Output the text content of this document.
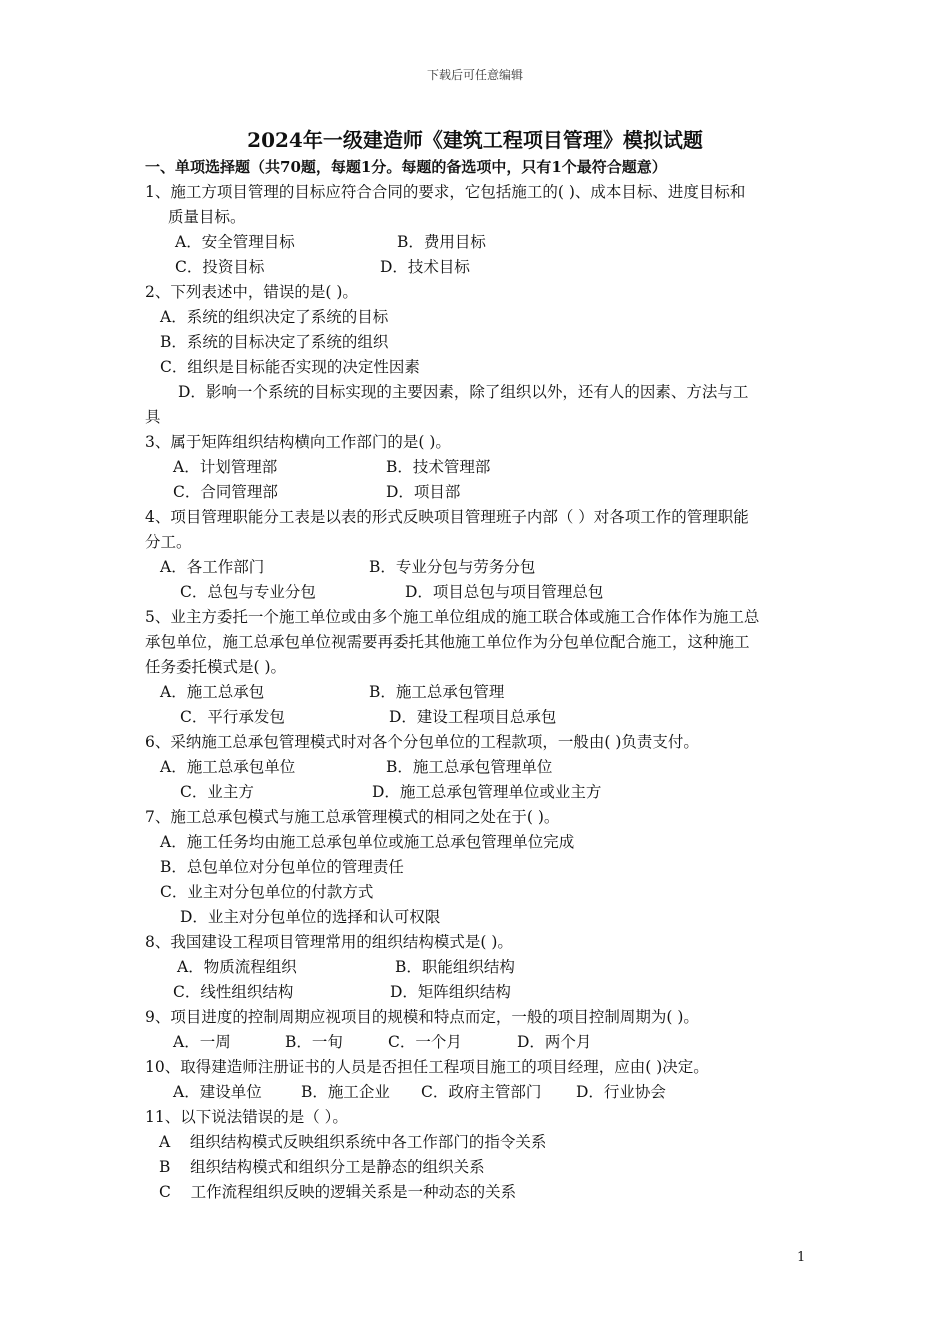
下载后可任意编辑
2024年一级建造师《建筑工程项目管理》模拟试题
一、单项选择题（共70题，每题1分。每题的备选项中，只有1个最符合题意）
1、施工方项目管理的目标应符合合同的要求，它包括施工的( )、成本目标、进度目标和
质量目标。
A．安全管理目标	B．费用目标
C．投资目标	D．技术目标
2、下列表述中，错误的是( )。
A．系统的组织决定了系统的目标
B．系统的目标决定了系统的组织
C．组织是目标能否实现的决定性因素
D．影响一个系统的目标实现的主要因素，除了组织以外，还有人的因素、方法与工
具
3、属于矩阵组织结构横向工作部门的是( )。
A．计划管理部	B．技术管理部
C．合同管理部	D．项目部
4、项目管理职能分工表是以表的形式反映项目管理班子内部（ ）对各项工作的管理职能
分工。
A．各工作部门	B．专业分包与劳务分包
C．总包与专业分包	D．项目总包与项目管理总包
5、业主方委托一个施工单位或由多个施工单位组成的施工联合体或施工合作体作为施工总
承包单位，施工总承包单位视需要再委托其他施工单位作为分包单位配合施工，这种施工
任务委托模式是( )。
A．施工总承包	B．施工总承包管理
C．平行承发包	D．建设工程项目总承包
6、采纳施工总承包管理模式时对各个分包单位的工程款项，一般由( )负责支付。
A．施工总承包单位	B．施工总承包管理单位
C．业主方	D．施工总承包管理单位或业主方
7、施工总承包模式与施工总承管理模式的相同之处在于( )。
A．施工任务均由施工总承包单位或施工总承包管理单位完成
B．总包单位对分包单位的管理责任
C．业主对分包单位的付款方式
D．业主对分包单位的选择和认可权限
8、我国建设工程项目管理常用的组织结构模式是( )。
A．物质流程组织	B．职能组织结构
C．线性组织结构	D．矩阵组织结构
9、项目进度的控制周期应视项目的规模和特点而定，一般的项目控制周期为( )。
A．一周	B．一旬	C．一个月	D．两个月
10、取得建造师注册证书的人员是否担任工程项目施工的项目经理，应由( )决定。
A．建设单位	B．施工企业 C．政府主管部门 D．行业协会
11、以下说法错误的是（ ）。
A    组织结构模式反映组织系统中各工作部门的指令关系
B    组织结构模式和组织分工是静态的组织关系
C    工作流程组织反映的逻辑关系是一种动态的关系
1
